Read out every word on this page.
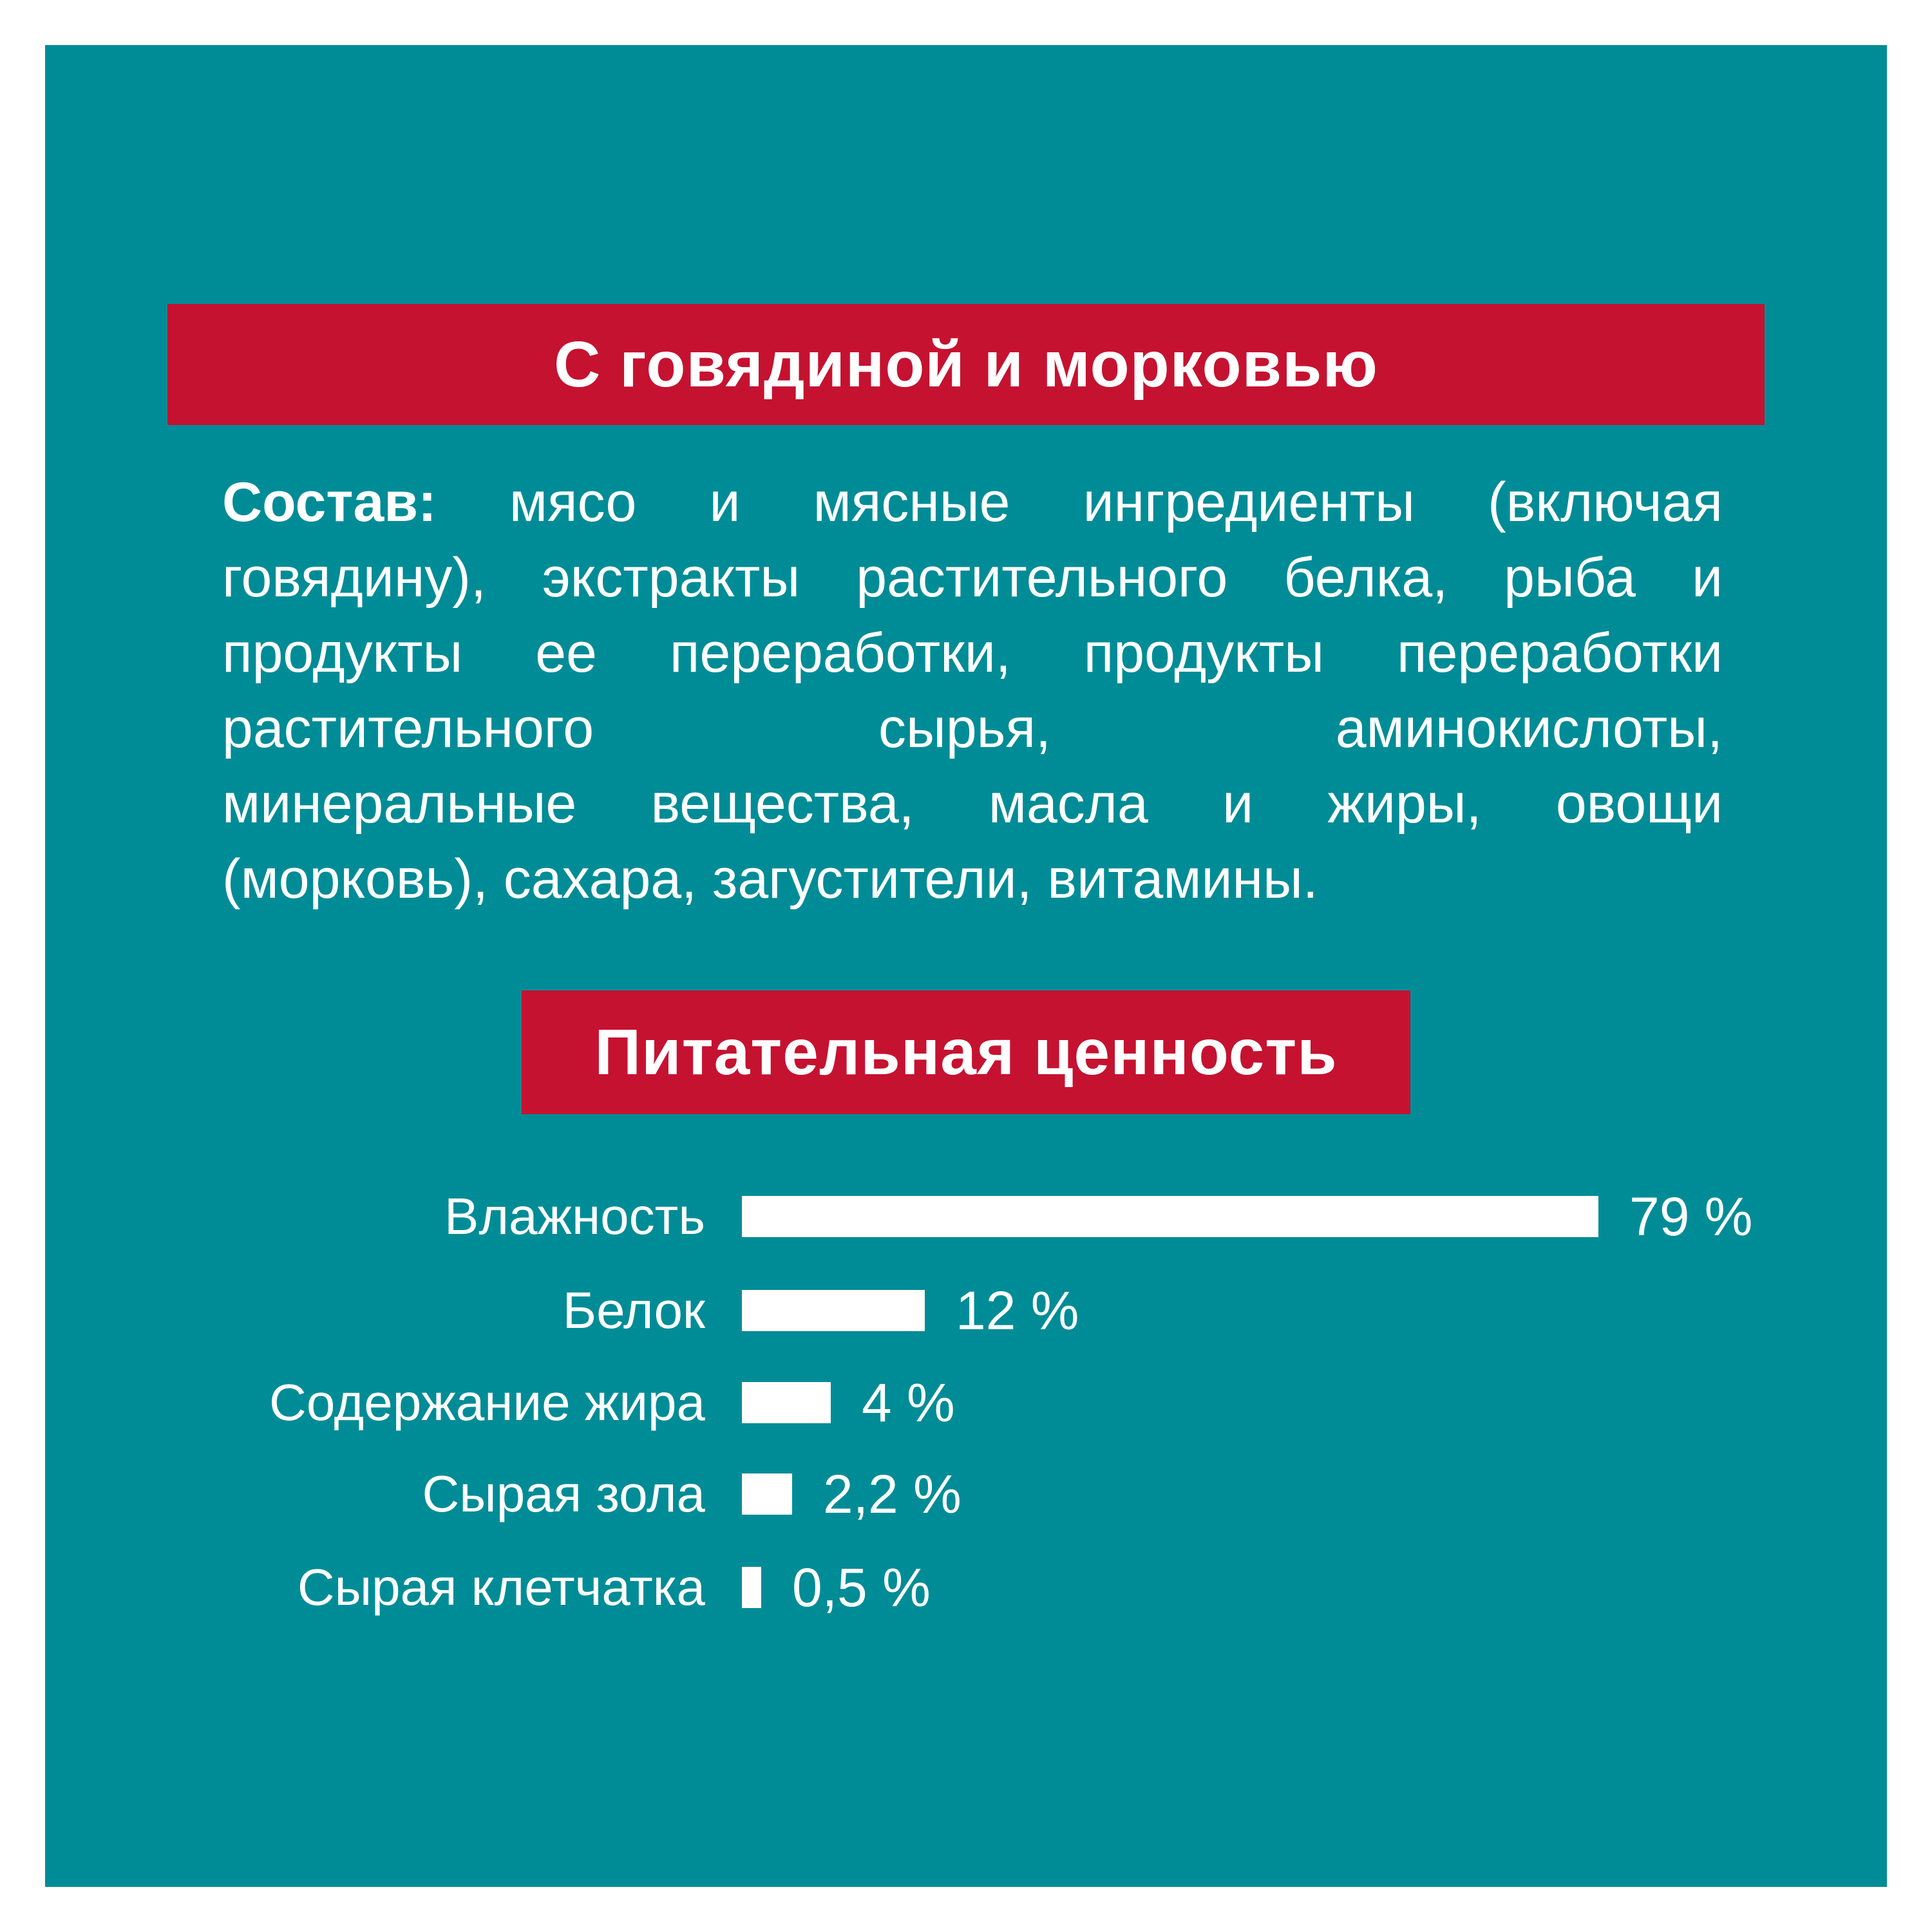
С говядиной и морковью
Состав: мясо и мясные ингредиенты (включая
говядину), экстракты растительного белка, рыба и
продукты ее переработки, продукты переработки
растительного сырья, аминокислоты,
минеральные вещества, масла и жиры, овощи
(морковь), сахара, загустители, витамины.
Питательная ценность
Влажность	79 %
Белок	12 %
Содержание жира	4 %
Сырая зола 2,2 %
Сырая клетчатка 0,5 %
